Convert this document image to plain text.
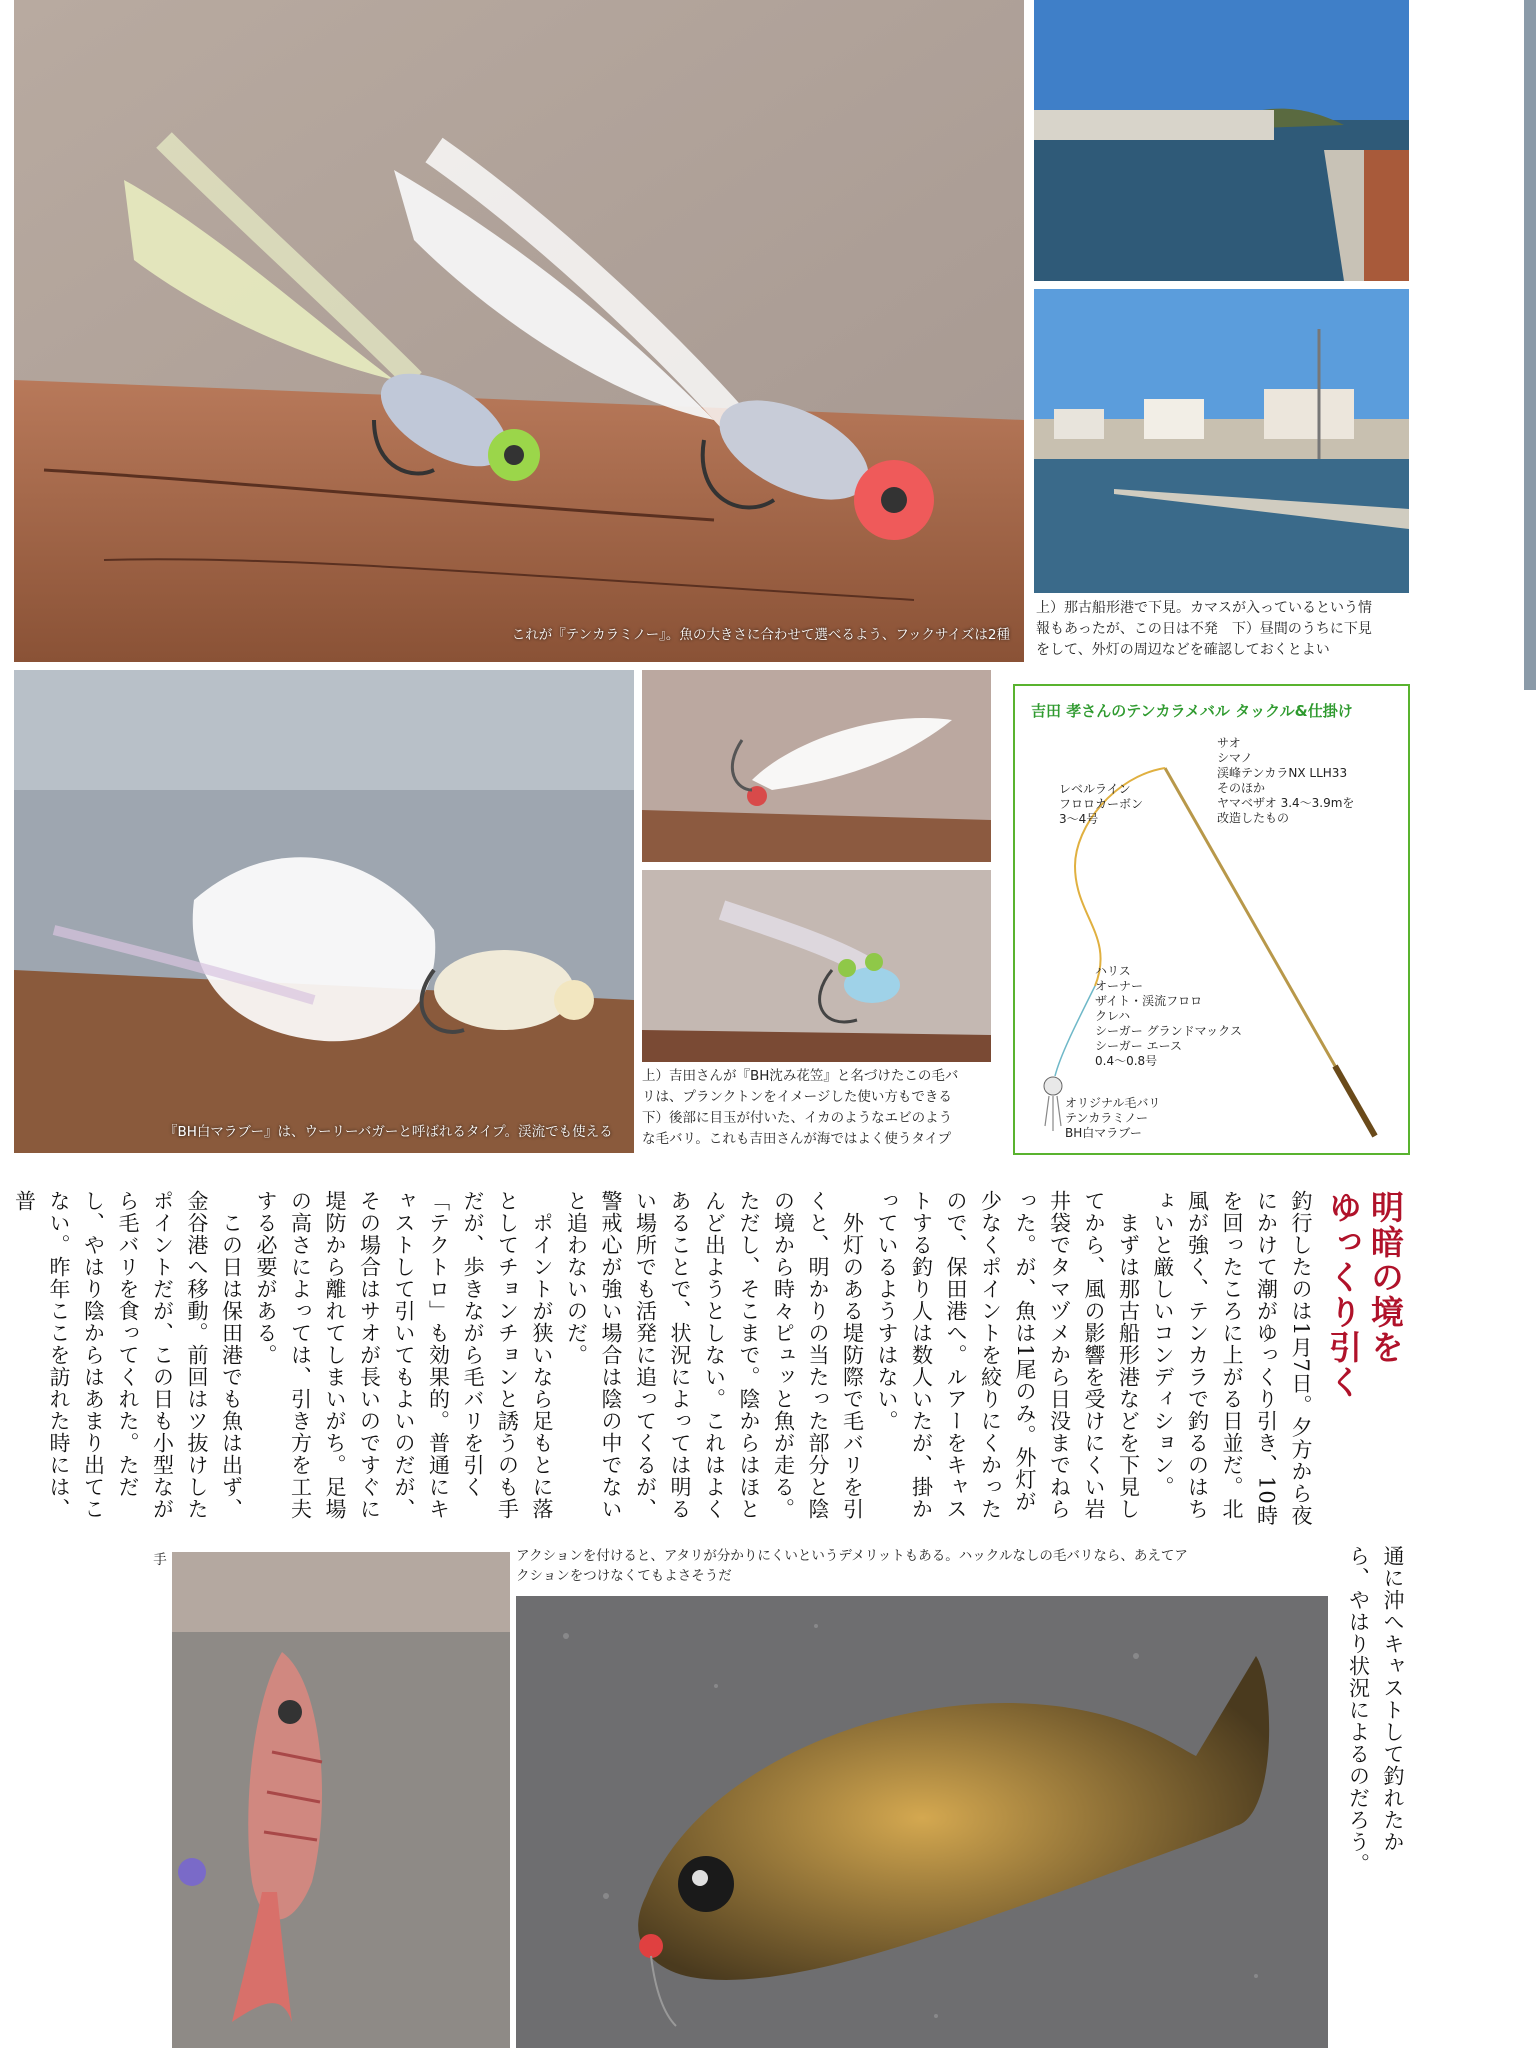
これが『テンカラミノー』。魚の大きさに合わせて選べるよう、フックサイズは2種
上）那古船形港で下見。カマスが入っているという情
報もあったが、この日は不発　下）昼間のうちに下見
をして、外灯の周辺などを確認しておくとよい
『BH白マラブー』は、ウーリーバガーと呼ばれるタイプ。渓流でも使える
上）吉田さんが『BH沈み花笠』と名づけたこの毛バ
リは、プランクトンをイメージした使い方もできる
下）後部に目玉が付いた、イカのようなエビのよう
な毛バリ。これも吉田さんが海ではよく使うタイプ
吉田 孝さんのテンカラメバル タックル&仕掛け
サオ
シマノ
渓峰テンカラNX LLH33
そのほか
ヤマベザオ 3.4〜3.9mを
改造したもの
レベルライン
フロロカーボン
3〜4号
ハリス
オーナー
ザイト・渓流フロロ
クレハ
シーガー グランドマックス
シーガー エース
0.4〜0.8号
オリジナル毛バリ
テンカラミノー
BH白マラブー
明暗の境を
ゆっくり引く
釣行したのは1月7日。夕方から夜にかけて潮がゆっくり引き、10時を回ったころに上がる日並だ。北風が強く、テンカラで釣るのはちょいと厳しいコンディション。
　まずは那古船形港などを下見してから、風の影響を受けにくい岩井袋でタマヅメから日没までねらった。が、魚は1尾のみ。外灯が少なくポイントを絞りにくかったので、保田港へ。ルアーをキャストする釣り人は数人いたが、掛かっているようすはない。
　外灯のある堤防際で毛バリを引くと、明かりの当たった部分と陰の境から時々ピュッと魚が走る。ただし、そこまで。陰からはほとんど出ようとしない。これはよくあることで、状況によっては明るい場所でも活発に追ってくるが、警戒心が強い場合は陰の中でないと追わないのだ。
　ポイントが狭いなら足もとに落としてチョンチョンと誘うのも手だが、歩きながら毛バリを引く「テクトロ」も効果的。普通にキャストして引いてもよいのだが、その場合はサオが長いのですぐに堤防から離れてしまいがち。足場の高さによっては、引き方を工夫する必要がある。
　この日は保田港でも魚は出ず、金谷港へ移動。前回はツ抜けしたポイントだが、この日も小型ながら毛バリを食ってくれた。ただし、やはり陰からはあまり出てこない。昨年ここを訪れた時には、普
通に沖へキャストして釣れたから、やはり状況によるのだろう。
手	アクションを付けると、アタリが分かりにくいというデメリットもある。ハックルなしの毛バリなら、あえてア
クションをつけなくてもよさそうだ
